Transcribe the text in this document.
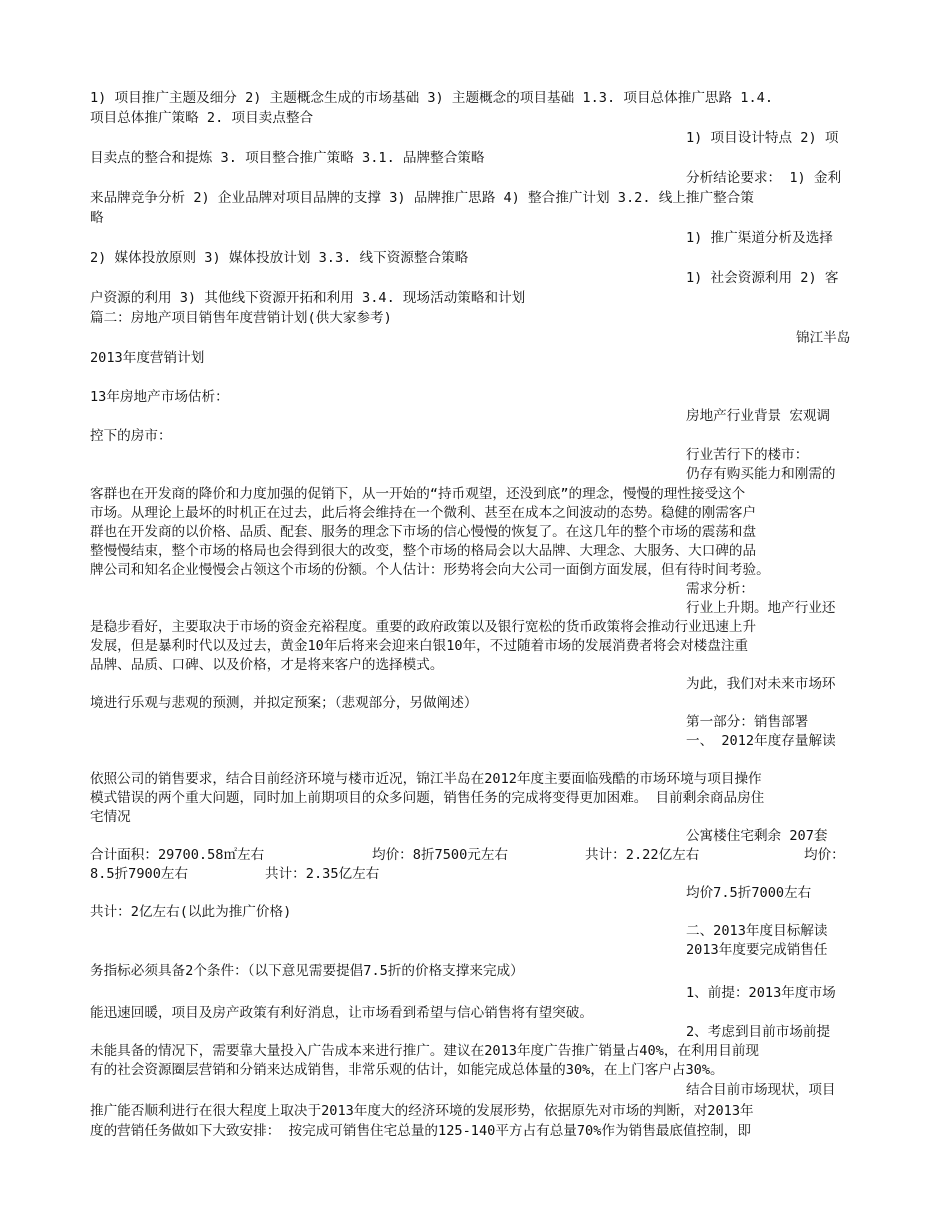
1) 项目推广主题及细分 2) 主题概念生成的市场基础 3) 主题概念的项目基础 1.3. 项目总体推广思路 1.4.
项目总体推广策略 2. 项目卖点整合
1) 项目设计特点 2) 项
目卖点的整合和提炼 3. 项目整合推广策略 3.1. 品牌整合策略
分析结论要求： 1) 金利
来品牌竞争分析 2) 企业品牌对项目品牌的支撑 3) 品牌推广思路 4) 整合推广计划 3.2. 线上推广整合策
略
1) 推广渠道分析及选择
2) 媒体投放原则 3) 媒体投放计划 3.3. 线下资源整合策略
1) 社会资源利用 2) 客
户资源的利用 3) 其他线下资源开拓和利用 3.4. 现场活动策略和计划
篇二：房地产项目销售年度营销计划(供大家参考)
锦江半岛
2013年度营销计划
13年房地产市场估析：
房地产行业背景 宏观调
控下的房市：
行业苦行下的楼市：
仍存有购买能力和刚需的
客群也在开发商的降价和力度加强的促销下，从一开始的“持币观望，还没到底”的理念，慢慢的理性接受这个
市场。从理论上最坏的时机正在过去，此后将会维持在一个微利、甚至在成本之间波动的态势。稳健的刚需客户
群也在开发商的以价格、品质、配套、服务的理念下市场的信心慢慢的恢复了。在这几年的整个市场的震荡和盘
整慢慢结束，整个市场的格局也会得到很大的改变，整个市场的格局会以大品牌、大理念、大服务、大口碑的品
牌公司和知名企业慢慢会占领这个市场的份额。个人估计：形势将会向大公司一面倒方面发展，但有待时间考验。
需求分析：
行业上升期。地产行业还
是稳步看好，主要取决于市场的资金充裕程度。重要的政府政策以及银行宽松的货币政策将会推动行业迅速上升
发展，但是暴利时代以及过去，黄金10年后将来会迎来白银10年，不过随着市场的发展消费者将会对楼盘注重
品牌、品质、口碑、以及价格，才是将来客户的选择模式。
为此，我们对未来市场环
境进行乐观与悲观的预测，并拟定预案；（悲观部分，另做阐述）
第一部分：销售部署
一、 2012年度存量解读
依照公司的销售要求，结合目前经济环境与楼市近况，锦江半岛在2012年度主要面临残酷的市场环境与项目操作
模式错误的两个重大问题，同时加上前期项目的众多问题，销售任务的完成将变得更加困难。 目前剩余商品房住
宅情况
公寓楼住宅剩余 207套
合计面积：29700.58㎡左右	均价：8折7500元左右	共计：2.22亿左右	均价：
8.5折7900左右	共计：2.35亿左右
均价7.5折7000左右
共计：2亿左右(以此为推广价格)
二、2013年度目标解读
2013年度要完成销售任
务指标必须具备2个条件：（以下意见需要提倡7.5折的价格支撑来完成）
1、前提：2013年度市场
能迅速回暖，项目及房产政策有利好消息，让市场看到希望与信心销售将有望突破。
2、考虑到目前市场前提
未能具备的情况下，需要靠大量投入广告成本来进行推广。建议在2013年度广告推广销量占40%，在利用目前现
有的社会资源圈层营销和分销来达成销售，非常乐观的估计，如能完成总体量的30%，在上门客户占30%。
结合目前市场现状，项目
推广能否顺利进行在很大程度上取决于2013年度大的经济环境的发展形势，依据原先对市场的判断，对2013年
度的营销任务做如下大致安排： 按完成可销售住宅总量的125-140平方占有总量70%作为销售最底值控制，即
